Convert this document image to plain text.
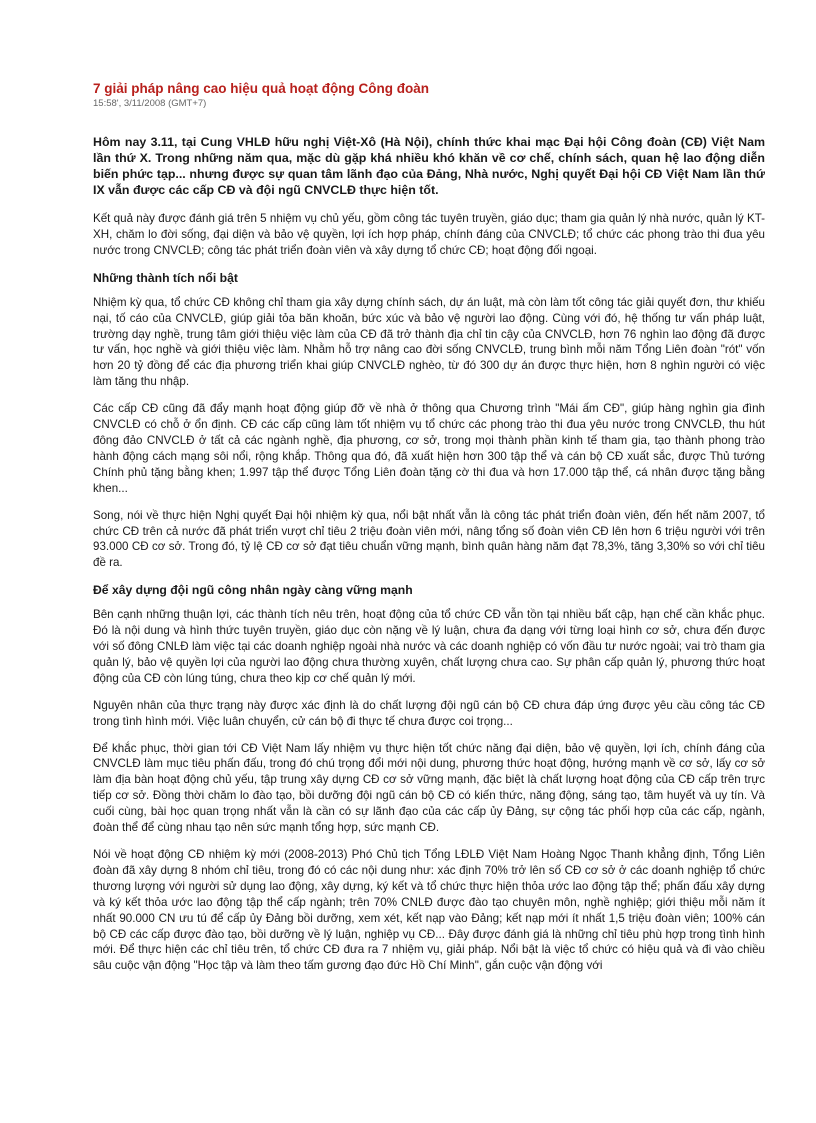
7 giải pháp nâng cao hiệu quả hoạt động Công đoàn
15:58', 3/11/2008 (GMT+7)

Hôm nay 3.11, tại Cung VHLĐ hữu nghị Việt-Xô (Hà Nội), chính thức khai mạc Đại hội Công đoàn (CĐ) Việt Nam lần thứ X. Trong những năm qua, mặc dù gặp khá nhiều khó khăn về cơ chế, chính sách, quan hệ lao động diễn biến phức tạp... nhưng được sự quan tâm lãnh đạo của Đảng, Nhà nước, Nghị quyết Đại hội CĐ Việt Nam lần thứ IX vẫn được các cấp CĐ và đội ngũ CNVCLĐ thực hiện tốt.

Kết quả này được đánh giá trên 5 nhiệm vụ chủ yếu, gồm công tác tuyên truyền, giáo dục; tham gia quản lý nhà nước, quản lý KT-XH, chăm lo đời sống, đại diện và bảo vệ quyền, lợi ích hợp pháp, chính đáng của CNVCLĐ; tổ chức các phong trào thi đua yêu nước trong CNVCLĐ; công tác phát triển đoàn viên và xây dựng tổ chức CĐ; hoạt động đối ngoại.

Những thành tích nổi bật

Nhiệm kỳ qua, tổ chức CĐ không chỉ tham gia xây dựng chính sách, dự án luật, mà còn làm tốt công tác giải quyết đơn, thư khiếu nại, tố cáo của CNVCLĐ, giúp giải tỏa băn khoăn, bức xúc và bảo vệ người lao động. Cùng với đó, hệ thống tư vấn pháp luật, trường dạy nghề, trung tâm giới thiệu việc làm của CĐ đã trở thành địa chỉ tin cậy của CNVCLĐ, hơn 76 nghìn lao động đã được tư vấn, học nghề và giới thiệu việc làm. Nhằm hỗ trợ nâng cao đời sống CNVCLĐ, trung bình mỗi năm Tổng Liên đoàn "rót" vốn hơn 20 tỷ đồng để các địa phương triển khai giúp CNVCLĐ nghèo, từ đó 300 dự án được thực hiện, hơn 8 nghìn người có việc làm tăng thu nhập.

Các cấp CĐ cũng đã đẩy mạnh hoạt động giúp đỡ về nhà ở thông qua Chương trình "Mái ấm CĐ", giúp hàng nghìn gia đình CNVCLĐ có chỗ ở ổn định. CĐ các cấp cũng làm tốt nhiệm vụ tổ chức các phong trào thi đua yêu nước trong CNVCLĐ, thu hút đông đảo CNVCLĐ ở tất cả các ngành nghề, địa phương, cơ sở, trong mọi thành phần kinh tế tham gia, tạo thành phong trào hành động cách mạng sôi nổi, rộng khắp. Thông qua đó, đã xuất hiện hơn 300 tập thể và cán bộ CĐ xuất sắc, được Thủ tướng Chính phủ tặng bằng khen; 1.997 tập thể được Tổng Liên đoàn tặng cờ thi đua và hơn 17.000 tập thể, cá nhân được tặng bằng khen...

Song, nói về thực hiện Nghị quyết Đại hội nhiệm kỳ qua, nổi bật nhất vẫn là công tác phát triển đoàn viên, đến hết năm 2007, tổ chức CĐ trên cả nước đã phát triển vượt chỉ tiêu 2 triệu đoàn viên mới, nâng tổng số đoàn viên CĐ lên hơn 6 triệu người với trên 93.000 CĐ cơ sở. Trong đó, tỷ lệ CĐ cơ sở đạt tiêu chuẩn vững mạnh, bình quân hàng năm đạt 78,3%, tăng 3,30% so với chỉ tiêu đề ra.

Để xây dựng đội ngũ công nhân ngày càng vững mạnh

Bên cạnh những thuận lợi, các thành tích nêu trên, hoạt động của tổ chức CĐ vẫn tồn tại nhiều bất cập, hạn chế cần khắc phục. Đó là nội dung và hình thức tuyên truyền, giáo dục còn nặng về lý luận, chưa đa dạng với từng loại hình cơ sở, chưa đến được với số đông CNLĐ làm việc tại các doanh nghiệp ngoài nhà nước và các doanh nghiệp có vốn đầu tư nước ngoài; vai trò tham gia quản lý, bảo vệ quyền lợi của người lao động chưa thường xuyên, chất lượng chưa cao. Sự phân cấp quản lý, phương thức hoạt động của CĐ còn lúng túng, chưa theo kịp cơ chế quản lý mới.

Nguyên nhân của thực trạng này được xác định là do chất lượng đội ngũ cán bộ CĐ chưa đáp ứng được yêu cầu công tác CĐ trong tình hình mới. Việc luân chuyển, cử cán bộ đi thực tế chưa được coi trọng...

Để khắc phục, thời gian tới CĐ Việt Nam lấy nhiệm vụ thực hiện tốt chức năng đại diện, bảo vệ quyền, lợi ích, chính đáng của CNVCLĐ làm mục tiêu phấn đấu, trong đó chú trọng đổi mới nội dung, phương thức hoạt động, hướng mạnh về cơ sở, lấy cơ sở làm địa bàn hoạt động chủ yếu, tập trung xây dựng CĐ cơ sở vững mạnh, đặc biệt là chất lượng hoạt động của CĐ cấp trên trực tiếp cơ sở. Đồng thời chăm lo đào tạo, bồi dưỡng đội ngũ cán bộ CĐ có kiến thức, năng động, sáng tạo, tâm huyết và uy tín. Và cuối cùng, bài học quan trọng nhất vẫn là cần có sự lãnh đạo của các cấp ủy Đảng, sự cộng tác phối hợp của các cấp, ngành, đoàn thể để cùng nhau tạo nên sức mạnh tổng hợp, sức mạnh CĐ.

Nói về hoạt động CĐ nhiệm kỳ mới (2008-2013) Phó Chủ tịch Tổng LĐLĐ Việt Nam Hoàng Ngọc Thanh khẳng định, Tổng Liên đoàn đã xây dựng 8 nhóm chỉ tiêu, trong đó có các nội dung như: xác định 70% trở lên số CĐ cơ sở ở các doanh nghiệp tổ chức thương lượng với người sử dụng lao động, xây dựng, ký kết và tổ chức thực hiện thỏa ước lao động tập thể; phấn đấu xây dựng và ký kết thỏa ước lao động tập thể cấp ngành; trên 70% CNLĐ được đào tạo chuyên môn, nghề nghiệp; giới thiệu mỗi năm ít nhất 90.000 CN ưu tú để cấp ủy Đảng bồi dưỡng, xem xét, kết nạp vào Đảng; kết nạp mới ít nhất 1,5 triệu đoàn viên; 100% cán bộ CĐ các cấp được đào tạo, bồi dưỡng về lý luận, nghiệp vụ CĐ... Đây được đánh giá là những chỉ tiêu phù hợp trong tình hình mới. Để thực hiện các chỉ tiêu trên, tổ chức CĐ đưa ra 7 nhiệm vụ, giải pháp. Nổi bật là việc tổ chức có hiệu quả và đi vào chiều sâu cuộc vận động "Học tập và làm theo tấm gương đạo đức Hồ Chí Minh", gắn cuộc vận động với
